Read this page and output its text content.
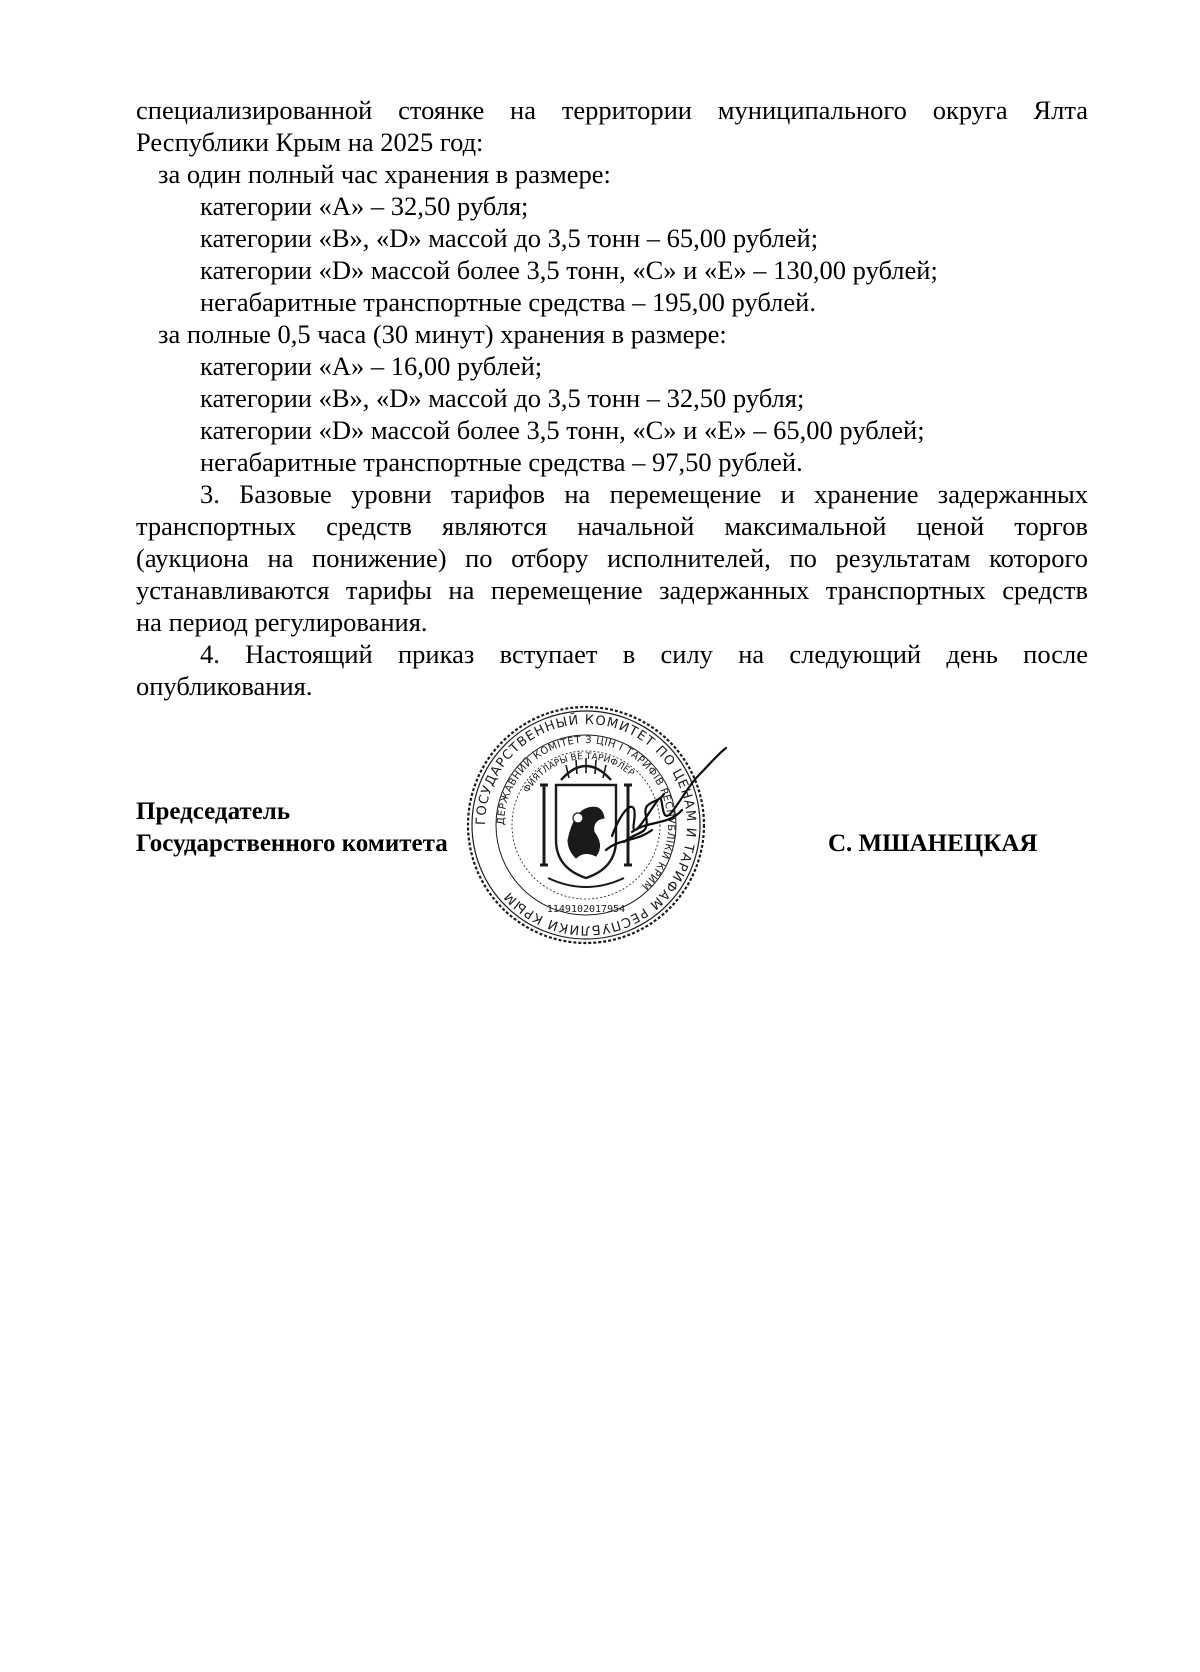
специализированной стоянке на территории муниципального округа Ялта
Республики Крым на 2025 год:
за один полный час хранения в размере:
категории «А» – 32,50 рубля;
категории «В», «D» массой до 3,5 тонн – 65,00 рублей;
категории «D» массой более 3,5 тонн, «С» и «Е» – 130,00 рублей;
негабаритные транспортные средства – 195,00 рублей.
за полные 0,5 часа (30 минут) хранения в размере:
категории «А» – 16,00 рублей;
категории «В», «D» массой до 3,5 тонн – 32,50 рубля;
категории «D» массой более 3,5 тонн, «С» и «Е» – 65,00 рублей;
негабаритные транспортные средства – 97,50 рублей.
3. Базовые уровни тарифов на перемещение и хранение задержанных
транспортных средств являются начальной максимальной ценой торгов
(аукциона на понижение) по отбору исполнителей, по результатам которого
устанавливаются тарифы на перемещение задержанных транспортных средств
на период регулирования.
4. Настоящий приказ вступает в силу на следующий день после
опубликования.
Председатель
Государственного комитета	С. МШАНЕЦКАЯ
ГОСУДАРСТВЕННЫЙ КОМИТЕТ ПО ЦЕНАМ И ТАРИФАМ РЕСПУБЛИКИ КРЫМ
ДЕРЖАВНИЙ КОМІТЕТ З ЦІН І ТАРИФІВ РЕСПУБЛІКИ КРИМ
ФИЯТЛАРЫ ВЕ ТАРИФЛЕР
1149102017954
